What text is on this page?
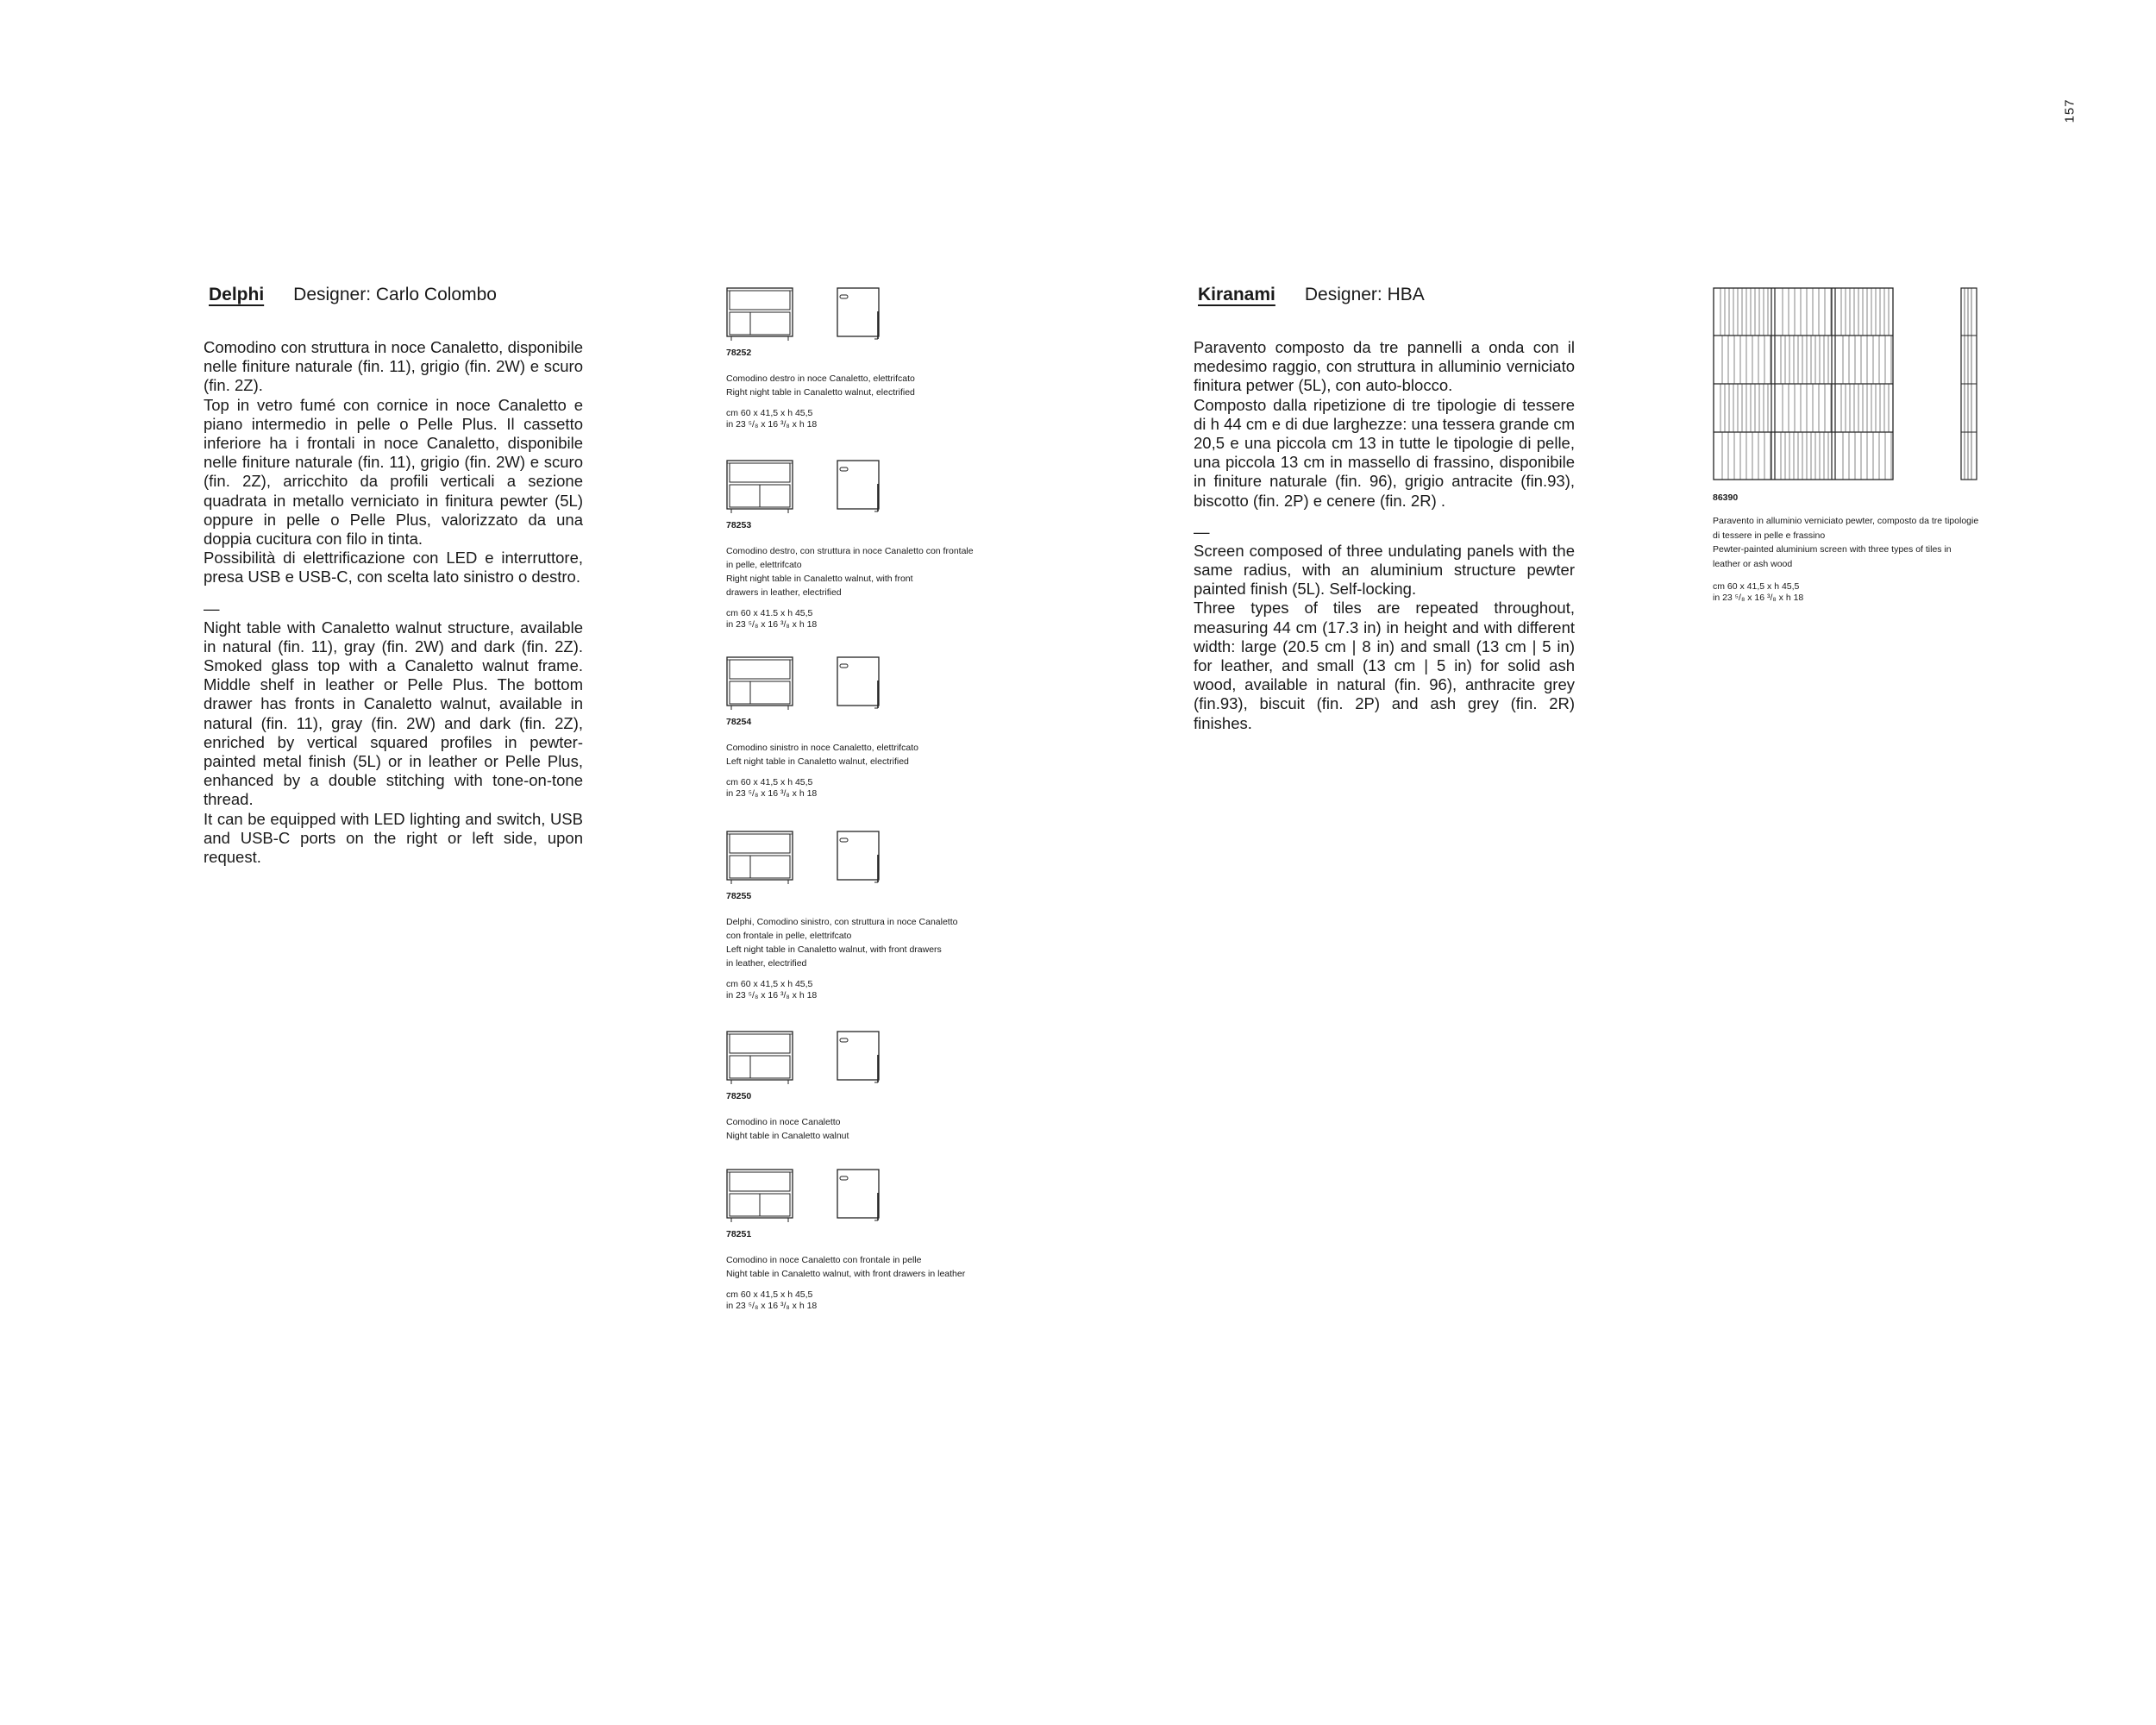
157
Delphi Designer: Carlo Colombo

Comodino con struttura in noce Canaletto, disponibile nelle finiture naturale (fin. 11), grigio (fin. 2W) e scuro (fin. 2Z).

Top in vetro fumé con cornice in noce Canaletto e piano intermedio in pelle o Pelle Plus. Il cassetto inferiore ha i frontali in noce Canaletto, disponibile nelle finiture naturale (fin. 11), grigio (fin. 2W) e scuro (fin. 2Z), arricchito da profili verticali a sezione quadrata in metallo verniciato in finitura pewter (5L) oppure in pelle o Pelle Plus, valorizzato da una doppia cucitura con filo in tinta.

Possibilità di elettrificazione con LED e interruttore, presa USB e USB-C, con scelta lato sinistro o destro.

—

Night table with Canaletto walnut structure, available in natural (fin. 11), gray (fin. 2W) and dark (fin. 2Z). Smoked glass top with a Canaletto walnut frame. Middle shelf in leather or Pelle Plus. The bottom drawer has fronts in Canaletto walnut, available in natural (fin. 11), gray (fin. 2W) and dark (fin. 2Z), enriched by vertical squared profiles in pewter-painted metal finish (5L) or in leather or Pelle Plus, enhanced by a double stitching with tone-on-tone thread.

It can be equipped with LED lighting and switch, USB and USB-C ports on the right or left side, upon request.

78252
Comodino destro in noce Canaletto, elettrifcato
Right night table in Canaletto walnut, electrified
cm 60 x 41,5 x h 45,5
in 23 ⁵/₈ x 16 ³/₈ x h 18
78253
Comodino destro, con struttura in noce Canaletto con frontale
in pelle, elettrifcato
Right night table in Canaletto walnut, with front
drawers in leather, electrified
cm 60 x 41.5 x h 45,5
in 23 ⁵/₈ x 16 ³/₈ x h 18
78254
Comodino sinistro in noce Canaletto, elettrifcato
Left night table in Canaletto walnut, electrified
cm 60 x 41,5 x h 45,5
in 23 ⁵/₈ x 16 ³/₈ x h 18
78255
Delphi, Comodino sinistro, con struttura in noce Canaletto
con frontale in pelle, elettrifcato
Left night table in Canaletto walnut, with front drawers
in leather, electrified
cm 60 x 41,5 x h 45,5
in 23 ⁵/₈ x 16 ³/₈ x h 18
78250
Comodino in noce Canaletto
Night table in Canaletto walnut
78251
Comodino in noce Canaletto con frontale in pelle
Night table in Canaletto walnut, with front drawers in leather
cm 60 x 41,5 x h 45,5
in 23 ⁵/₈ x 16 ³/₈ x h 18
Kiranami Designer: HBA

Paravento composto da tre pannelli a onda con il medesimo raggio, con struttura in alluminio verniciato finitura petwer (5L), con auto-blocco.

Composto dalla ripetizione di tre tipologie di tessere di h 44 cm e di due larghezze: una tessera grande cm 20,5 e una piccola cm 13 in tutte le tipologie di pelle, una piccola 13 cm in massello di frassino, disponibile in finiture naturale (fin. 96), grigio antracite (fin.93), biscotto (fin. 2P) e cenere (fin. 2R) .

—

Screen composed of three undulating panels with the same radius, with an aluminium structure pewter painted finish (5L). Self-locking.

Three types of tiles are repeated throughout, measuring 44 cm (17.3 in) in height and with different width: large (20.5 cm | 8 in) and small (13 cm | 5 in) for leather, and small (13 cm | 5 in) for solid ash wood, available in natural (fin. 96), anthracite grey (fin.93), biscuit (fin. 2P) and ash grey (fin. 2R) finishes.

86390
Paravento in alluminio verniciato pewter, composto da tre tipologie
di tessere in pelle e frassino
Pewter-painted aluminium screen with three types of tiles in
leather or ash wood
cm 60 x 41,5 x h 45,5
in 23 ⁵/₈ x 16 ³/₈ x h 18
